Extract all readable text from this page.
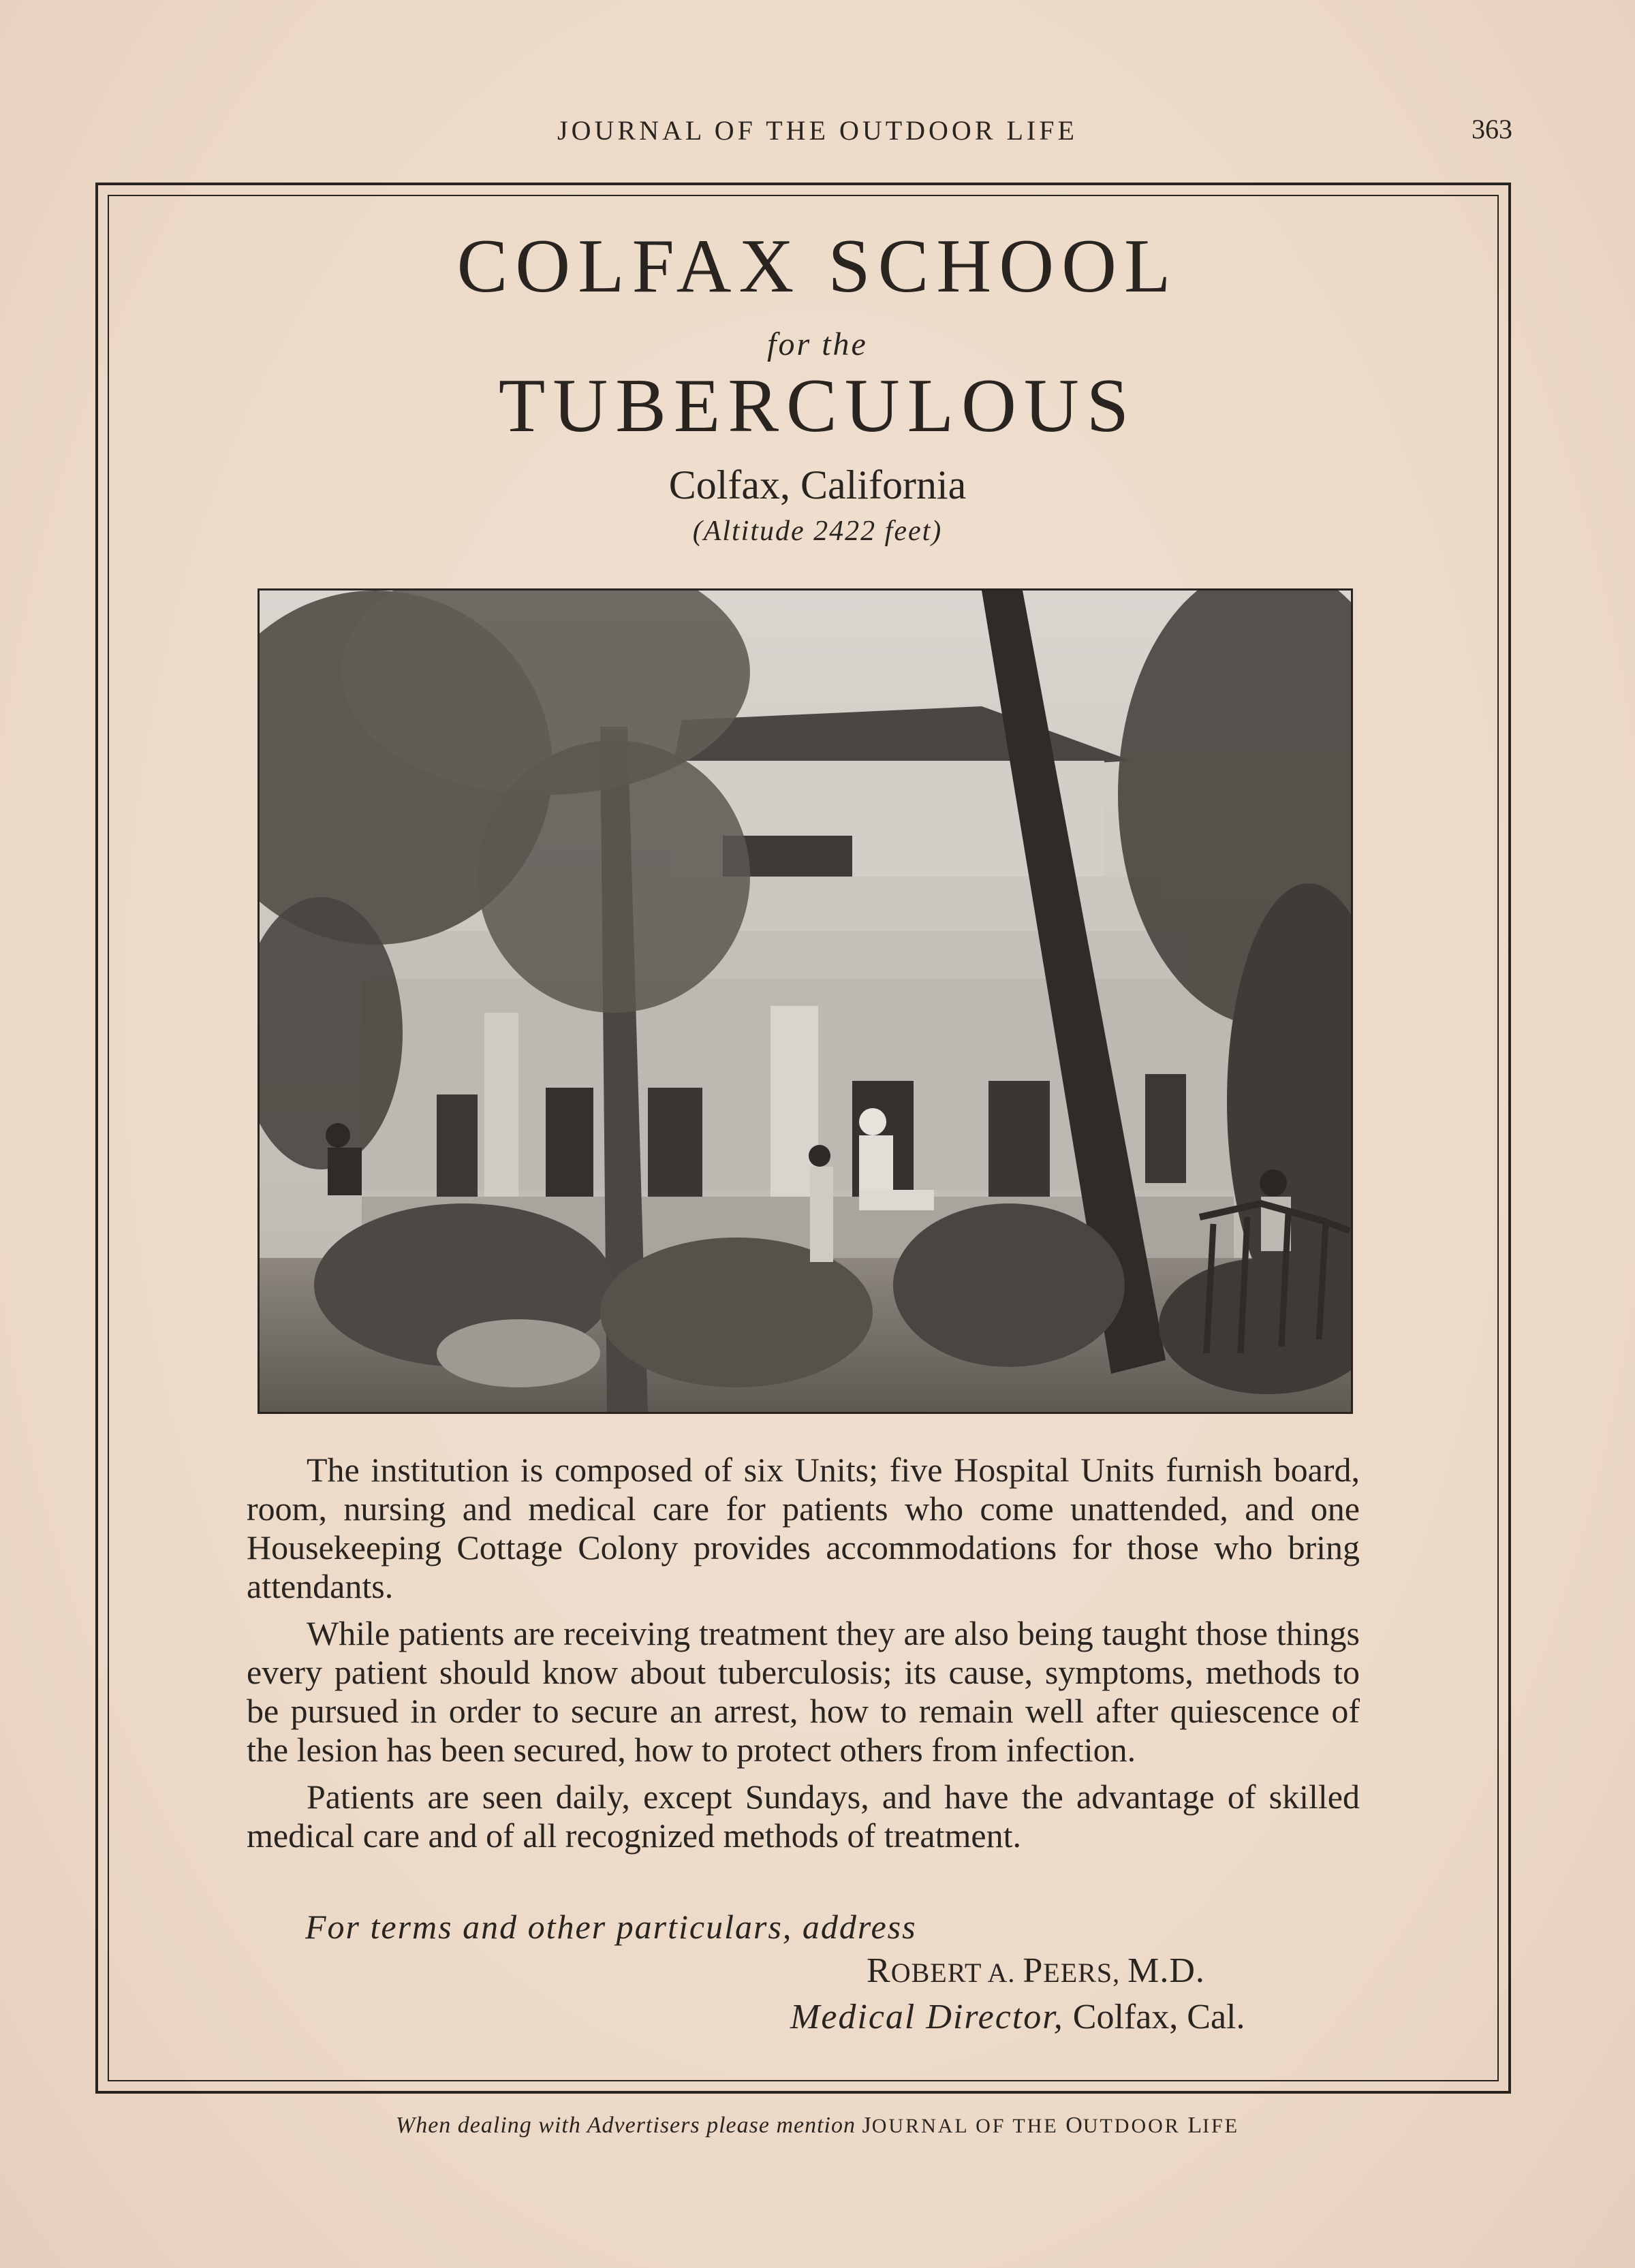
JOURNAL OF THE OUTDOOR LIFE	363
COLFAX SCHOOL
for the
TUBERCULOUS
Colfax, California
(Altitude 2422 feet)

The institution is composed of six Units; five Hospital Units furnish board, room, nursing and medical care for patients who come unattended, and one Housekeeping Cottage Colony provides accommodations for those who bring attendants.

While patients are receiving treatment they are also being taught those things every patient should know about tuberculosis; its cause, symptoms, methods to be pursued in order to secure an arrest, how to remain well after quiescence of the lesion has been secured, how to protect others from infection.

Patients are seen daily, except Sundays, and have the advantage of skilled medical care and of all recognized methods of treatment.

For terms and other particulars, address
ROBERT A. PEERS, M.D.
Medical Director, Colfax, Cal.
When dealing with Advertisers please mention JOURNAL OF THE OUTDOOR LIFE
